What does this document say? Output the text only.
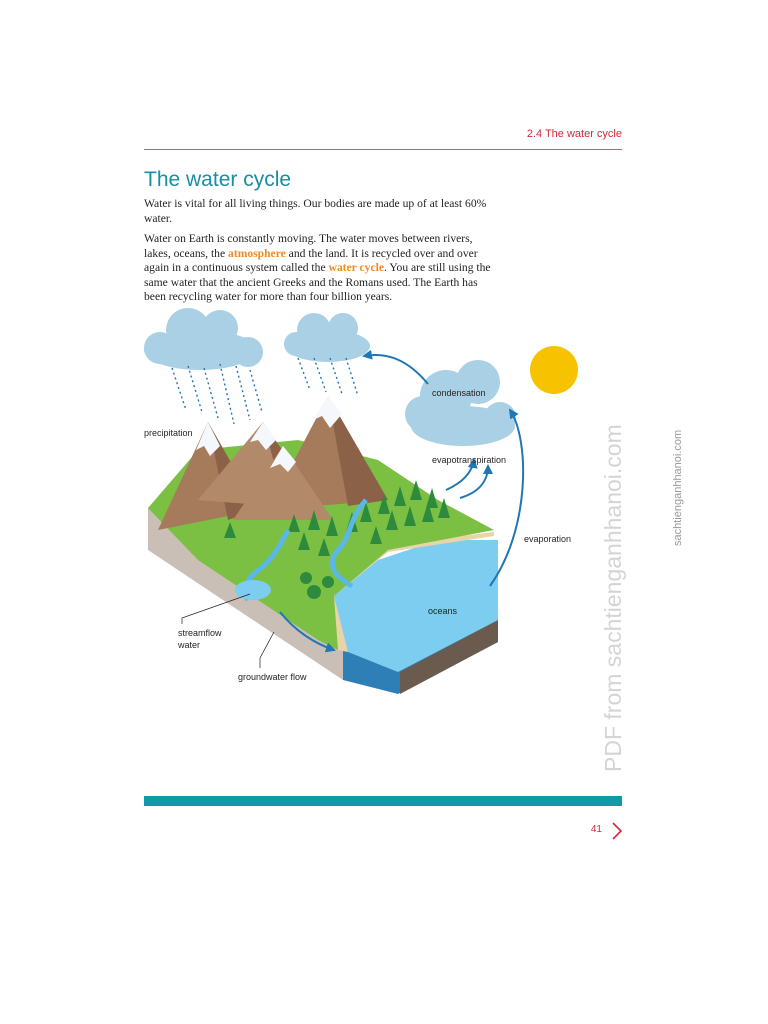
2.4 The water cycle
The water cycle

Water is vital for all living things. Our bodies are made up of at least 60% water.

Water on Earth is constantly moving. The water moves between rivers, lakes, oceans, the atmosphere and the land. It is recycled over and over again in a continuous system called the water cycle. You are still using the same water that the ancient Greeks and the Romans used. The Earth has been recycling water for more than four billion years.

precipitation
condensation
evapotranspiration
evaporation
oceans
streamflow
water
groundwater flow	PDF from sachtienganhhanoi.com	sachtienganhhanoi.com
41
